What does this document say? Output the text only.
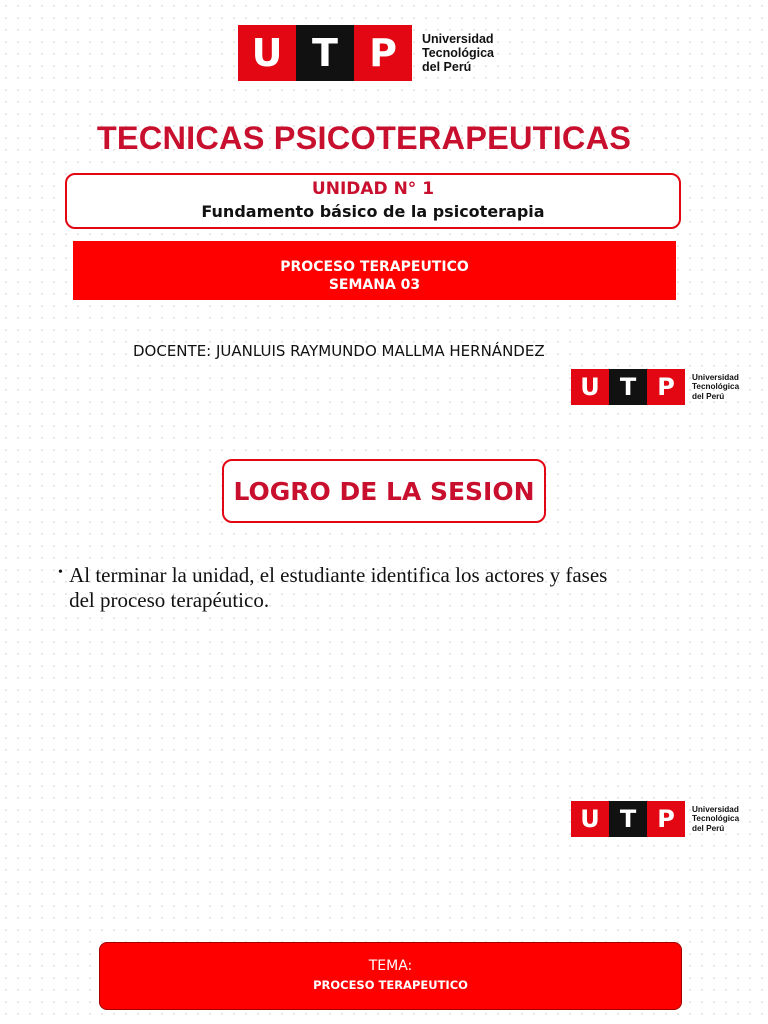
U T P	Universidad
Tecnológica
del Perú
TECNICAS PSICOTERAPEUTICAS
UNIDAD N° 1
Fundamento básico de la psicoterapia
PROCESO TERAPEUTICO
SEMANA 03
DOCENTE: JUANLUIS RAYMUNDO MALLMA HERNÁNDEZ
U T P	Universidad
Tecnológica
del Perú
LOGRO DE LA SESION
• Al terminar la unidad, el estudiante identifica los actores y fases del proceso terapéutico.
U T P	Universidad
Tecnológica
del Perú
TEMA:
PROCESO TERAPEUTICO
